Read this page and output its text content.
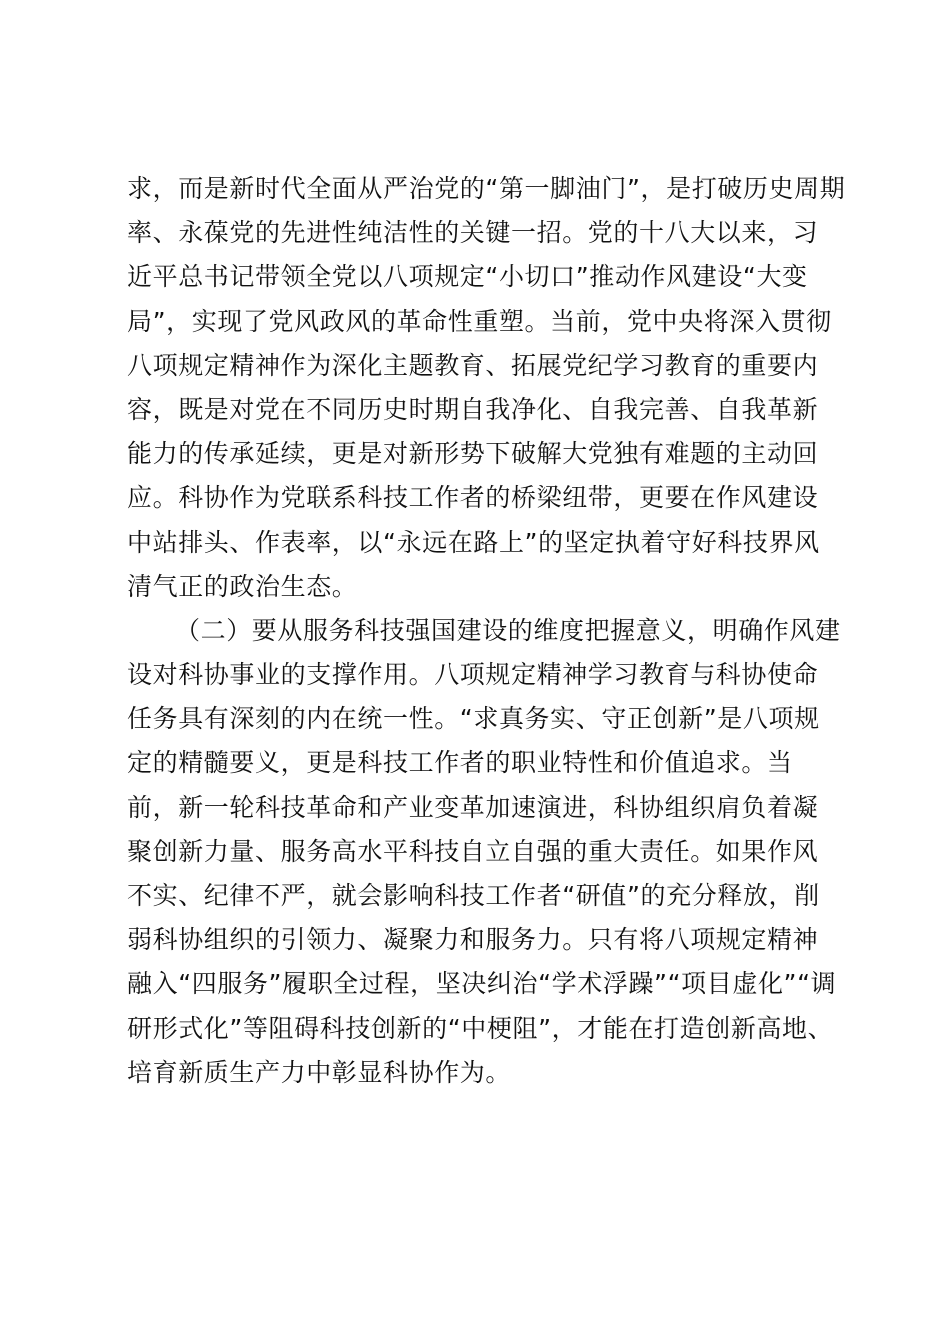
求，而是新时代全面从严治党的“第一脚油门”，是打破历史周期
率、永葆党的先进性纯洁性的关键一招。党的十八大以来，习
近平总书记带领全党以八项规定“小切口”推动作风建设“大变
局”，实现了党风政风的革命性重塑。当前，党中央将深入贯彻
八项规定精神作为深化主题教育、拓展党纪学习教育的重要内
容，既是对党在不同历史时期自我净化、自我完善、自我革新
能力的传承延续，更是对新形势下破解大党独有难题的主动回
应。科协作为党联系科技工作者的桥梁纽带，更要在作风建设
中站排头、作表率，以“永远在路上”的坚定执着守好科技界风
清气正的政治生态。
（二）要从服务科技强国建设的维度把握意义，明确作风建
设对科协事业的支撑作用。八项规定精神学习教育与科协使命
任务具有深刻的内在统一性。“求真务实、守正创新”是八项规
定的精髓要义，更是科技工作者的职业特性和价值追求。当
前，新一轮科技革命和产业变革加速演进，科协组织肩负着凝
聚创新力量、服务高水平科技自立自强的重大责任。如果作风
不实、纪律不严，就会影响科技工作者“研值”的充分释放，削
弱科协组织的引领力、凝聚力和服务力。只有将八项规定精神
融入“四服务”履职全过程，坚决纠治“学术浮躁”“项目虚化”“调
研形式化”等阻碍科技创新的“中梗阻”，才能在打造创新高地、
培育新质生产力中彰显科协作为。
